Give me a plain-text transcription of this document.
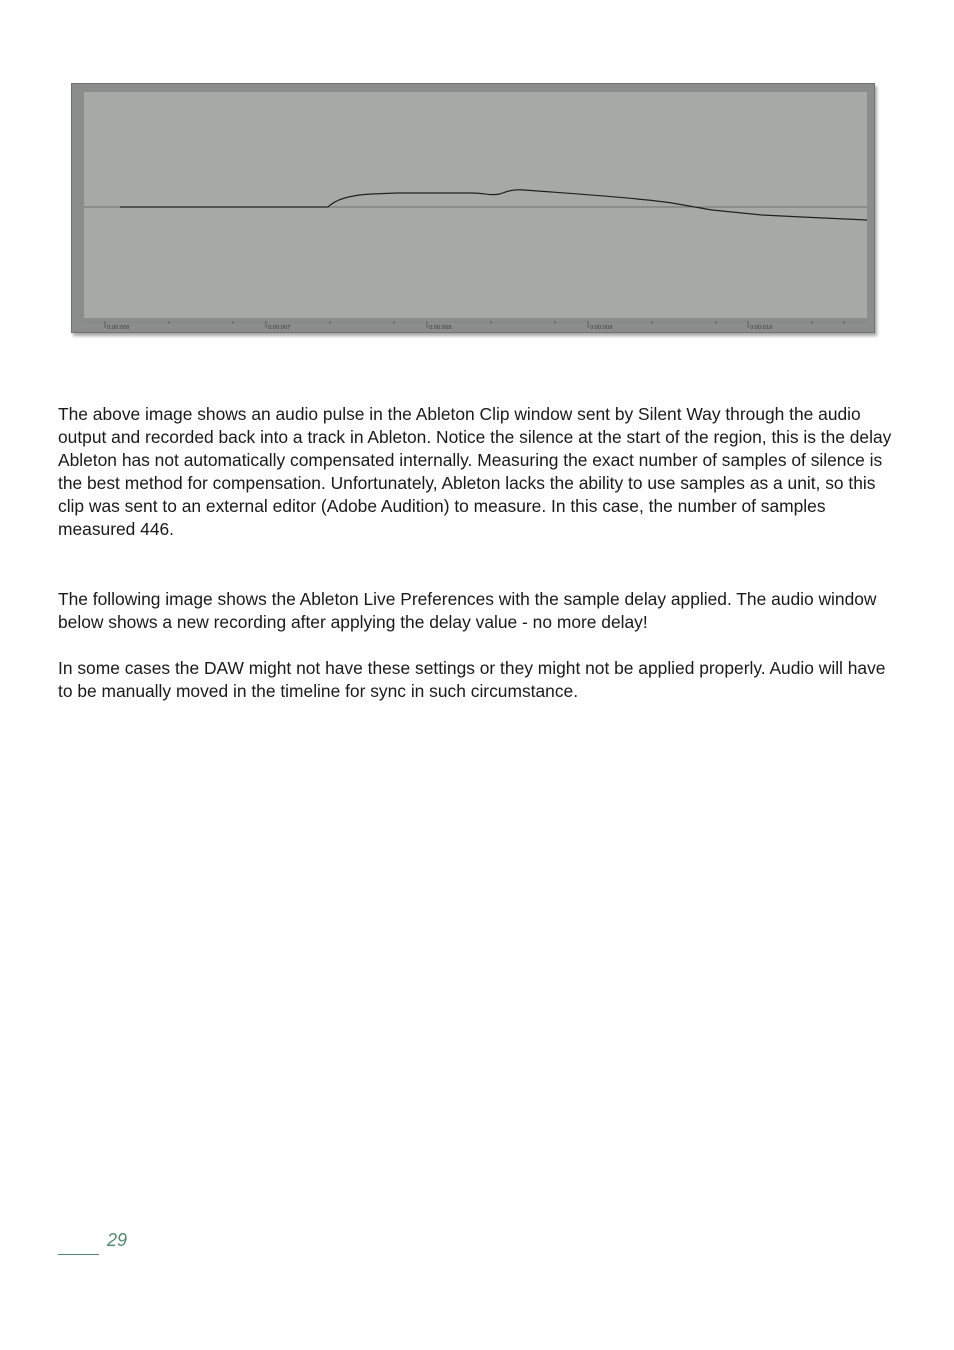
0:00:000	0:00:007	0:00:008	0:00:009	0:00:010

The above image shows an audio pulse in the Ableton Clip window sent by Silent Way through the audio output and recorded back into a track in Ableton. Notice the silence at the start of the region, this is the delay Ableton has not automatically compensated internally. Measuring the exact number of samples of silence is the best method for compensation. Unfortunately, Ableton lacks the ability to use samples as a unit, so this clip was sent to an external editor (Adobe Audition) to measure. In this case, the number of samples measured 446.

The following image shows the Ableton Live Preferences with the sample delay applied. The audio window below shows a new recording after applying the delay value - no more delay!

In some cases the DAW might not have these settings or they might not be applied properly. Audio will have to be manually moved in the timeline for sync in such circumstance.

29
